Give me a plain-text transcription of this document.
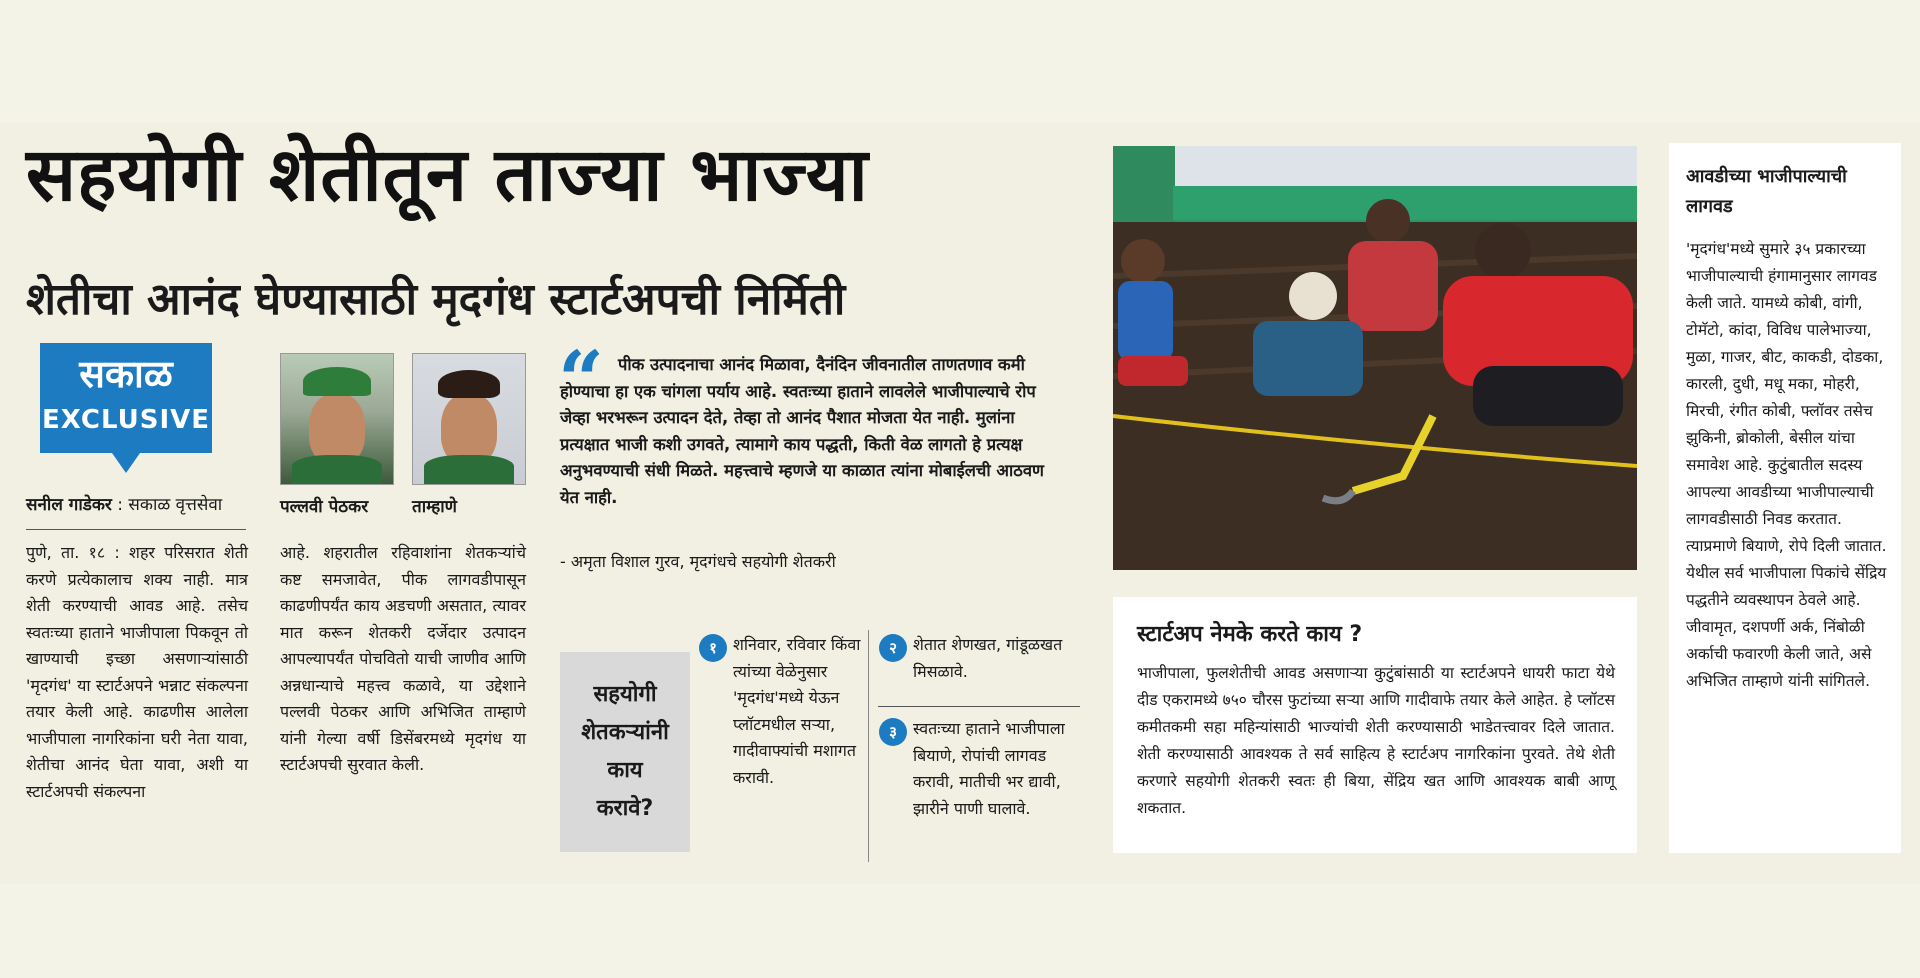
सहयोगी शेतीतून ताज्या भाज्या
शेतीचा आनंद घेण्यासाठी मृदगंध स्टार्टअपची निर्मिती
सकाळ
EXCLUSIVE
पल्लवी पेठकर	ताम्हाणे
सनील गाडेकर : सकाळ वृत्तसेवा

पुणे, ता. १८ : शहर परिसरात शेती करणे प्रत्येकालाच शक्य नाही. मात्र शेती करण्याची आवड आहे. तसेच स्वतःच्या हाताने भाजीपाला पिकवून तो खाण्याची इच्छा असणाऱ्यांसाठी 'मृदगंध' या स्टार्टअपने भन्नाट संकल्पना तयार केली आहे. काढणीस आलेला भाजीपाला नागरिकांना घरी नेता यावा, शेतीचा आनंद घेता यावा, अशी या स्टार्टअपची संकल्पना

आहे. शहरातील रहिवाशांना शेतकऱ्यांचे कष्ट समजावेत, पीक लागवडीपासून काढणीपर्यंत काय अडचणी असतात, त्यावर मात करून शेतकरी दर्जेदार उत्पादन आपल्यापर्यंत पोचवितो याची जाणीव आणि अन्नधान्याचे महत्त्व कळावे, या उद्देशाने पल्लवी पेठकर आणि अभिजित ताम्हाणे यांनी गेल्या वर्षी डिसेंबरमध्ये मृदगंध या स्टार्टअपची सुरवात केली.

“ पीक उत्पादनाचा आनंद मिळावा, दैनंदिन जीवनातील ताणतणाव कमी होण्याचा हा एक चांगला पर्याय आहे. स्वतःच्या हाताने लावलेले भाजीपाल्याचे रोप जेव्हा भरभरून उत्पादन देते, तेव्हा तो आनंद पैशात मोजता येत नाही. मुलांना प्रत्यक्षात भाजी कशी उगवते, त्यामागे काय पद्धती, किती वेळ लागतो हे प्रत्यक्ष अनुभवण्याची संधी मिळते. महत्त्वाचे म्हणजे या काळात त्यांना मोबाईलची आठवण येत नाही.
- अमृता विशाल गुरव, मृदगंधचे सहयोगी शेतकरी
सहयोगी
शेतकऱ्यांनी
काय
करावे?
१	शनिवार, रविवार किंवा त्यांच्या वेळेनुसार 'मृदगंध'मध्ये येऊन प्लॉटमधील सऱ्या, गादीवाफ्यांची मशागत करावी.
२	शेतात शेणखत, गांडूळखत मिसळावे.
३	स्वतःच्या हाताने भाजीपाला बियाणे, रोपांची लागवड करावी, मातीची भर द्यावी, झारीने पाणी घालावे.
स्टार्टअप नेमके करते काय ?
भाजीपाला, फुलशेतीची आवड असणाऱ्या कुटुंबांसाठी या स्टार्टअपने धायरी फाटा येथे दीड एकरामध्ये ७५० चौरस फुटांच्या सऱ्या आणि गादीवाफे तयार केले आहेत. हे प्लॉटस कमीतकमी सहा महिन्यांसाठी भाज्यांची शेती करण्यासाठी भाडेतत्त्वावर दिले जातात. शेती करण्यासाठी आवश्यक ते सर्व साहित्य हे स्टार्टअप नागरिकांना पुरवते. तेथे शेती करणारे सहयोगी शेतकरी स्वतः ही बिया, सेंद्रिय खत आणि आवश्यक बाबी आणू शकतात.
आवडीच्या भाजीपाल्याची लागवड
'मृदगंध'मध्ये सुमारे ३५ प्रकारच्या भाजीपाल्याची हंगामानुसार लागवड केली जाते. यामध्ये कोबी, वांगी, टोमॅटो, कांदा, विविध पालेभाज्या, मुळा, गाजर, बीट, काकडी, दोडका, कारली, दुधी, मधू मका, मोहरी, मिरची, रंगीत कोबी, फ्लॉवर तसेच झुकिनी, ब्रोकोली, बेसील यांचा समावेश आहे. कुटुंबातील सदस्य आपल्या आवडीच्या भाजीपाल्याची लागवडीसाठी निवड करतात. त्याप्रमाणे बियाणे, रोपे दिली जातात. येथील सर्व भाजीपाला पिकांचे सेंद्रिय पद्धतीने व्यवस्थापन ठेवले आहे. जीवामृत, दशपर्णी अर्क, निंबोळी अर्काची फवारणी केली जाते, असे अभिजित ताम्हाणे यांनी सांगितले.
